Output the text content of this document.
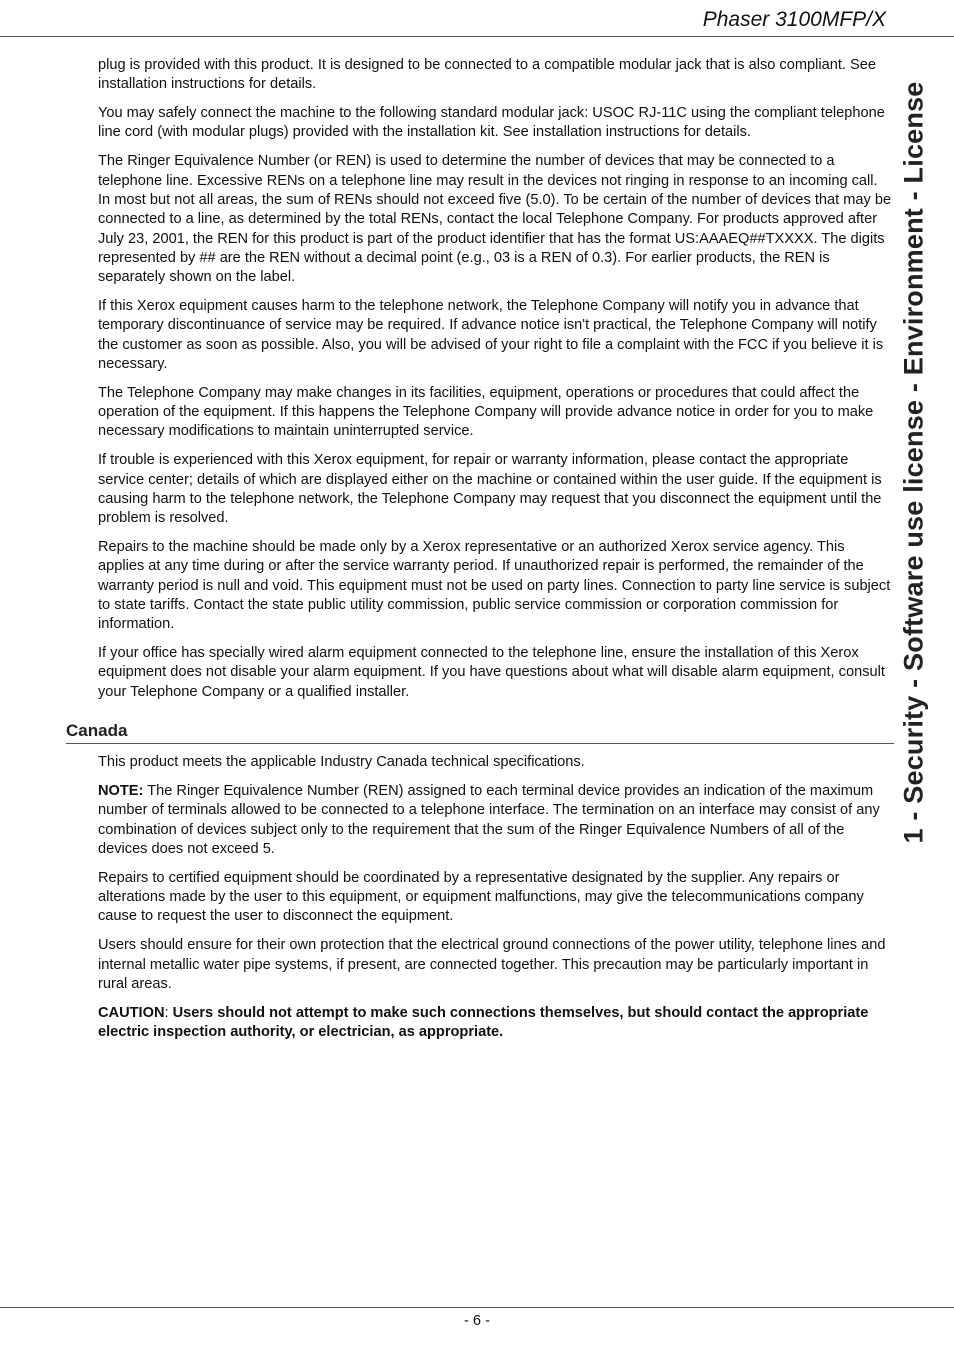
Phaser 3100MFP/X
1 - Security - Software use license - Environment - License

plug is provided with this product. It is designed to be connected to a compatible modular jack that is also compliant. See installation instructions for details.

You may safely connect the machine to the following standard modular jack: USOC RJ-11C using the compliant telephone line cord (with modular plugs) provided with the installation kit. See installation instructions for details.

The Ringer Equivalence Number (or REN) is used to determine the number of devices that may be connected to a telephone line. Excessive RENs on a telephone line may result in the devices not ringing in response to an incoming call. In most but not all areas, the sum of RENs should not exceed five (5.0). To be certain of the number of devices that may be connected to a line, as determined by the total RENs, contact the local Telephone Company. For products approved after July 23, 2001, the REN for this product is part of the product identifier that has the format US:AAAEQ##TXXXX. The digits represented by ## are the REN without a decimal point (e.g., 03 is a REN of 0.3). For earlier products, the REN is separately shown on the label.

If this Xerox equipment causes harm to the telephone network, the Telephone Company will notify you in advance that temporary discontinuance of service may be required. If advance notice isn't practical, the Telephone Company will notify the customer as soon as possible. Also, you will be advised of your right to file a complaint with the FCC if you believe it is necessary.

The Telephone Company may make changes in its facilities, equipment, operations or procedures that could affect the operation of the equipment. If this happens the Telephone Company will provide advance notice in order for you to make necessary modifications to maintain uninterrupted service.

If trouble is experienced with this Xerox equipment, for repair or warranty information, please contact the appropriate service center; details of which are displayed either on the machine or contained within the user guide. If the equipment is causing harm to the telephone network, the Telephone Company may request that you disconnect the equipment until the problem is resolved.

Repairs to the machine should be made only by a Xerox representative or an authorized Xerox service agency. This applies at any time during or after the service warranty period. If unauthorized repair is performed, the remainder of the warranty period is null and void. This equipment must not be used on party lines. Connection to party line service is subject to state tariffs. Contact the state public utility commission, public service commission or corporation commission for information.

If your office has specially wired alarm equipment connected to the telephone line, ensure the installation of this Xerox equipment does not disable your alarm equipment. If you have questions about what will disable alarm equipment, consult your Telephone Company or a qualified installer.

Canada

This product meets the applicable Industry Canada technical specifications.

NOTE: The Ringer Equivalence Number (REN) assigned to each terminal device provides an indication of the maximum number of terminals allowed to be connected to a telephone interface. The termination on an interface may consist of any combination of devices subject only to the requirement that the sum of the Ringer Equivalence Numbers of all of the devices does not exceed 5.

Repairs to certified equipment should be coordinated by a representative designated by the supplier. Any repairs or alterations made by the user to this equipment, or equipment malfunctions, may give the telecommunications company cause to request the user to disconnect the equipment.

Users should ensure for their own protection that the electrical ground connections of the power utility, telephone lines and internal metallic water pipe systems, if present, are connected together. This precaution may be particularly important in rural areas.

CAUTION: Users should not attempt to make such connections themselves, but should contact the appropriate electric inspection authority, or electrician, as appropriate.

- 6 -
